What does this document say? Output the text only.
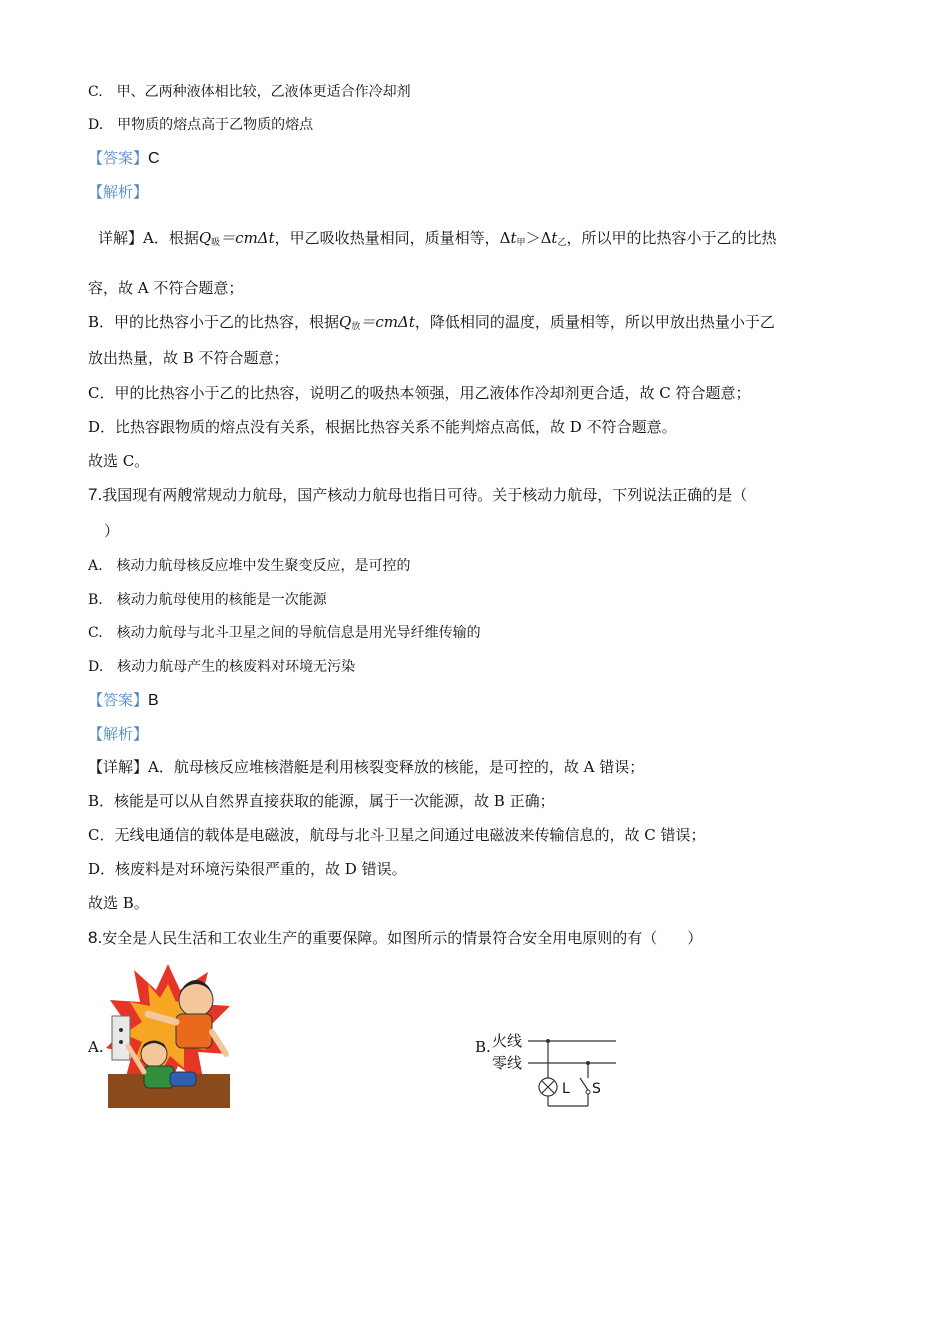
C.　甲、乙两种液体相比较，乙液体更适合作冷却剂
D.　甲物质的熔点高于乙物质的熔点
【答案】C
【解析】
详解】A．根据$Q_吸=cm\Delta t$，甲乙吸收热量相同，质量相等，$\Delta t_甲>\Delta t_乙$，所以甲的比热容小于乙的比热
容，故 A 不符合题意；
B．甲的比热容小于乙的比热容，根据$Q_放=cm\Delta t$，降低相同的温度，质量相等，所以甲放出热量小于乙
放出热量，故 B 不符合题意；
C．甲的比热容小于乙的比热容，说明乙的吸热本领强，用乙液体作冷却剂更合适，故 C 符合题意；
D．比热容跟物质的熔点没有关系，根据比热容关系不能判熔点高低，故 D 不符合题意。
故选 C。
7.我国现有两艘常规动力航母，国产核动力航母也指日可待。关于核动力航母，下列说法正确的是（
）
A.　核动力航母核反应堆中发生聚变反应，是可控的
B.　核动力航母使用的核能是一次能源
C.　核动力航母与北斗卫星之间的导航信息是用光导纤维传输的
D.　核动力航母产生的核废料对环境无污染
【答案】B
【解析】
【详解】A．航母核反应堆核潜艇是利用核裂变释放的核能，是可控的，故 A 错误；
B．核能是可以从自然界直接获取的能源，属于一次能源，故 B 正确；
C．无线电通信的载体是电磁波，航母与北斗卫星之间通过电磁波来传输信息的，故 C 错误；
D．核废料是对环境污染很严重的，故 D 错误。
故选 B。
8.安全是人民生活和工农业生产的重要保障。如图所示的情景符合安全用电原则的有（　　）
A.	B. 火线
零线
L S
